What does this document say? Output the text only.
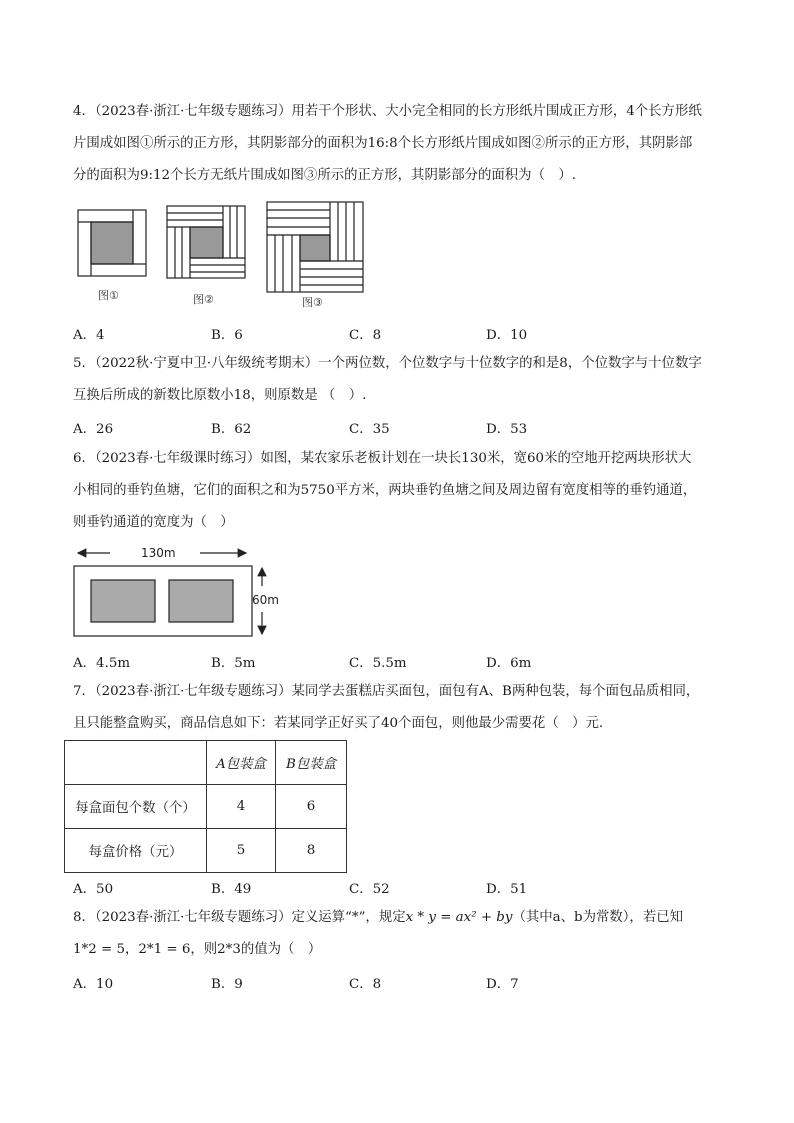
4．（2023春·浙江·七年级专题练习）用若干个形状、大小完全相同的长方形纸片围成正方形，4个长方形纸

片围成如图①所示的正方形，其阴影部分的面积为16:8个长方形纸片围成如图②所示的正方形，其阴影部

分的面积为9:12个长方无纸片围成如图③所示的正方形，其阴影部分的面积为（　）.

图①	图②	图③
A．4	B．6	C．8	D．10

5．（2022秋·宁夏中卫·八年级统考期末）一个两位数，个位数字与十位数字的和是8，个位数字与十位数字

互换后所成的新数比原数小18，则原数是 （　）.

A．26	B．62	C．35	D．53

6．（2023春·七年级课时练习）如图，某农家乐老板计划在一块长130米，宽60米的空地开挖两块形状大

小相同的垂钓鱼塘，它们的面积之和为5750平方米，两块垂钓鱼塘之间及周边留有宽度相等的垂钓通道，

则垂钓通道的宽度为（　）

130m
60m
A．4.5m	B．5m	C．5.5m	D．6m

7．（2023春·浙江·七年级专题练习）某同学去蛋糕店买面包，面包有A、B两种包装，每个面包品质相同，

且只能整盒购买，商品信息如下：若某同学正好买了40个面包，则他最少需要花（　）元.

	A包装盒	B包装盒
每盒面包个数（个）	4	6
每盒价格（元）	5	8
A．50	B．49	C．52	D．51

8．（2023春·浙江·七年级专题练习）定义运算“*”，规定x * y = ax² + by（其中a、b为常数），若已知

1*2 = 5，2*1 = 6，则2*3的值为（　）

A．10	B．9	C．8	D．7
